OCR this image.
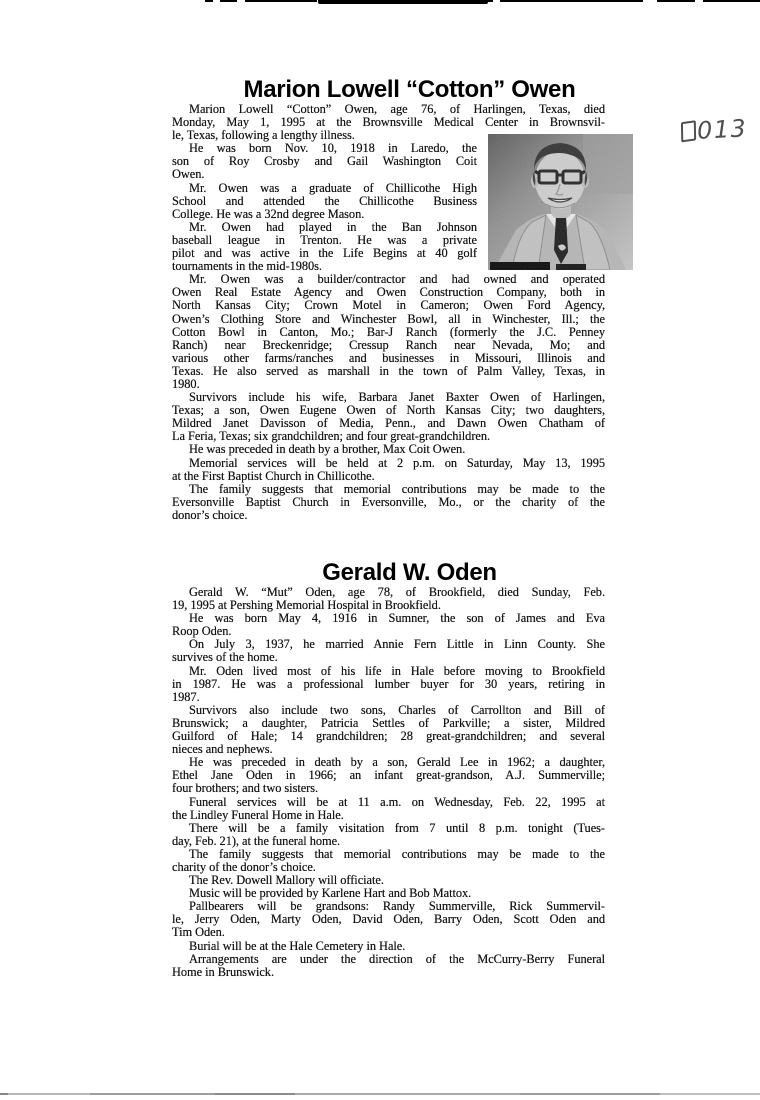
013
Marion Lowell “Cotton” Owen
Marion Lowell “Cotton” Owen, age 76, of Harlingen, Texas, died
Monday, May 1, 1995 at the Brownsville Medical Center in Brownsvil-
le, Texas, following a lengthy illness.
He was born Nov. 10, 1918 in Laredo, the
son of Roy Crosby and Gail Washington Coit
Owen.
Mr. Owen was a graduate of Chillicothe High
School and attended the Chillicothe Business
College. He was a 32nd degree Mason.
Mr. Owen had played in the Ban Johnson
baseball league in Trenton. He was a private
pilot and was active in the Life Begins at 40 golf
tournaments in the mid-1980s.
Mr. Owen was a builder/contractor and had owned and operated
Owen Real Estate Agency and Owen Construction Company, both in
North Kansas City; Crown Motel in Cameron; Owen Ford Agency,
Owen’s Clothing Store and Winchester Bowl, all in Winchester, Ill.; the
Cotton Bowl in Canton, Mo.; Bar-J Ranch (formerly the J.C. Penney
Ranch) near Breckenridge; Cressup Ranch near Nevada, Mo; and
various other farms/ranches and businesses in Missouri, Illinois and
Texas. He also served as marshall in the town of Palm Valley, Texas, in
1980.
Survivors include his wife, Barbara Janet Baxter Owen of Harlingen,
Texas; a son, Owen Eugene Owen of North Kansas City; two daughters,
Mildred Janet Davisson of Media, Penn., and Dawn Owen Chatham of
La Feria, Texas; six grandchildren; and four great-grandchildren.
He was preceded in death by a brother, Max Coit Owen.
Memorial services will be held at 2 p.m. on Saturday, May 13, 1995
at the First Baptist Church in Chillicothe.
The family suggests that memorial contributions may be made to the
Eversonville Baptist Church in Eversonville, Mo., or the charity of the
donor’s choice.
Gerald W. Oden
Gerald W. “Mut” Oden, age 78, of Brookfield, died Sunday, Feb.
19, 1995 at Pershing Memorial Hospital in Brookfield.
He was born May 4, 1916 in Sumner, the son of James and Eva
Roop Oden.
On July 3, 1937, he married Annie Fern Little in Linn County. She
survives of the home.
Mr. Oden lived most of his life in Hale before moving to Brookfield
in 1987. He was a professional lumber buyer for 30 years, retiring in
1987.
Survivors also include two sons, Charles of Carrollton and Bill of
Brunswick; a daughter, Patricia Settles of Parkville; a sister, Mildred
Guilford of Hale; 14 grandchildren; 28 great-grandchildren; and several
nieces and nephews.
He was preceded in death by a son, Gerald Lee in 1962; a daughter,
Ethel Jane Oden in 1966; an infant great-grandson, A.J. Summerville;
four brothers; and two sisters.
Funeral services will be at 11 a.m. on Wednesday, Feb. 22, 1995 at
the Lindley Funeral Home in Hale.
There will be a family visitation from 7 until 8 p.m. tonight (Tues-
day, Feb. 21), at the funeral home.
The family suggests that memorial contributions may be made to the
charity of the donor’s choice.
The Rev. Dowell Mallory will officiate.
Music will be provided by Karlene Hart and Bob Mattox.
Pallbearers will be grandsons: Randy Summerville, Rick Summervil-
le, Jerry Oden, Marty Oden, David Oden, Barry Oden, Scott Oden and
Tim Oden.
Burial will be at the Hale Cemetery in Hale.
Arrangements are under the direction of the McCurry-Berry Funeral
Home in Brunswick.
